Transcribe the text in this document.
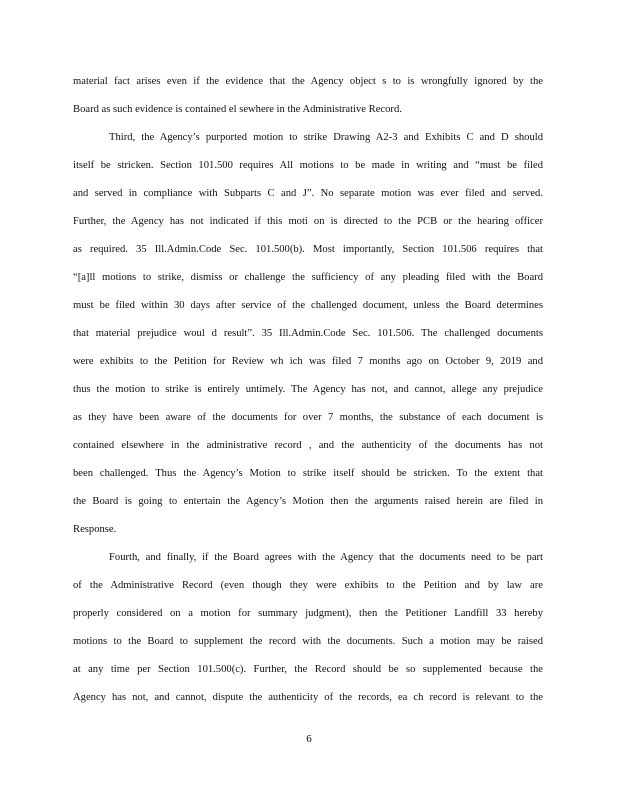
material fact arises even if the evidence that the Agency object s to is wrongfully ignored by the
Board as such evidence is contained el sewhere in the Administrative Record.
Third, the Agency’s purported motion to strike Drawing A2-3 and Exhibits C and D should
itself be stricken. Section 101.500 requires All motions to be made in writing and “must be filed
and served in compliance with Subparts C and J”. No separate motion was ever filed and served.
Further, the Agency has not indicated if this moti on is directed to the PCB or the hearing officer
as required. 35 Ill.Admin.Code Sec. 101.500(b). Most importantly, Section 101.506 requires that
“[a]ll motions to strike, dismiss or challenge the sufficiency of any pleading filed with the Board
must be filed within 30 days after service of the challenged document, unless the Board determines
that material prejudice woul d result”. 35 Ill.Admin.Code Sec. 101.506. The challenged documents
were exhibits to the Petition for Review wh ich was filed 7 months ago on October 9, 2019 and
thus the motion to strike is entirely untimely. The Agency has not, and cannot, allege any prejudice
as they have been aware of the documents for over 7 months, the substance of each document is
contained elsewhere in the administrative record , and the authenticity of the documents has not
been challenged. Thus the Agency’s Motion to strike itself should be stricken. To the extent that
the Board is going to entertain the Agency’s Motion then the arguments raised herein are filed in
Response.
Fourth, and finally, if the Board agrees with the Agency that the documents need to be part
of the Administrative Record (even though they were exhibits to the Petition and by law are
properly considered on a motion for summary judgment), then the Petitioner Landfill 33 hereby
motions to the Board to supplement the record with the documents. Such a motion may be raised
at any time per Section 101.500(c). Further, the Record should be so supplemented because the
Agency has not, and cannot, dispute the authenticity of the records, ea ch record is relevant to the
6
